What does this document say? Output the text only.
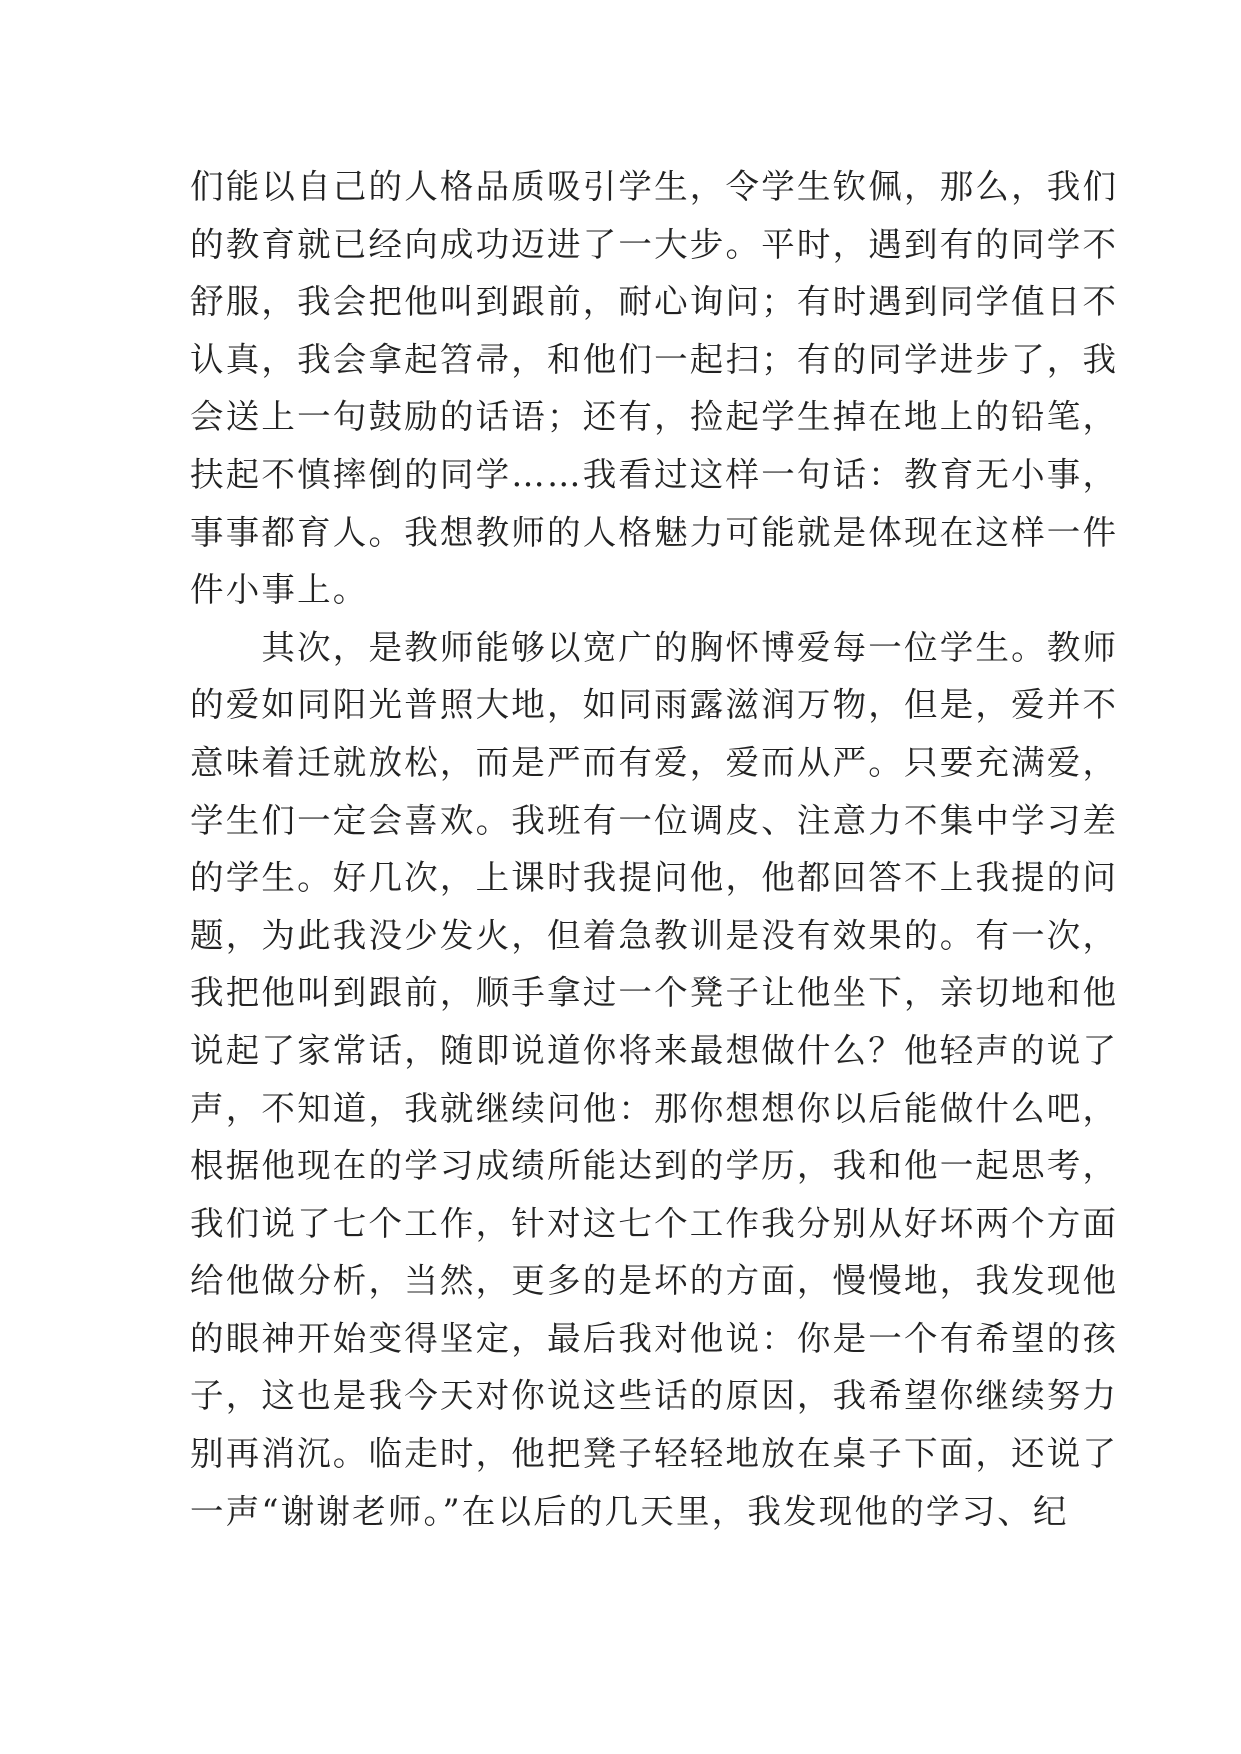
们能以自己的人格品质吸引学生，令学生钦佩，那么，我们
的教育就已经向成功迈进了一大步。平时，遇到有的同学不
舒服，我会把他叫到跟前，耐心询问；有时遇到同学值日不
认真，我会拿起笤帚，和他们一起扫；有的同学进步了，我
会送上一句鼓励的话语；还有，捡起学生掉在地上的铅笔，
扶起不慎摔倒的同学……我看过这样一句话：教育无小事，
事事都育人。我想教师的人格魅力可能就是体现在这样一件
件小事上。
　　其次，是教师能够以宽广的胸怀博爱每一位学生。教师
的爱如同阳光普照大地，如同雨露滋润万物，但是，爱并不
意味着迁就放松，而是严而有爱，爱而从严。只要充满爱，
学生们一定会喜欢。我班有一位调皮、注意力不集中学习差
的学生。好几次，上课时我提问他，他都回答不上我提的问
题，为此我没少发火，但着急教训是没有效果的。有一次，
我把他叫到跟前，顺手拿过一个凳子让他坐下，亲切地和他
说起了家常话，随即说道你将来最想做什么？他轻声的说了
声，不知道，我就继续问他：那你想想你以后能做什么吧，
根据他现在的学习成绩所能达到的学历，我和他一起思考，
我们说了七个工作，针对这七个工作我分别从好坏两个方面
给他做分析，当然，更多的是坏的方面，慢慢地，我发现他
的眼神开始变得坚定，最后我对他说：你是一个有希望的孩
子，这也是我今天对你说这些话的原因，我希望你继续努力
别再消沉。临走时，他把凳子轻轻地放在桌子下面，还说了
一声“谢谢老师。”在以后的几天里，我发现他的学习、纪
